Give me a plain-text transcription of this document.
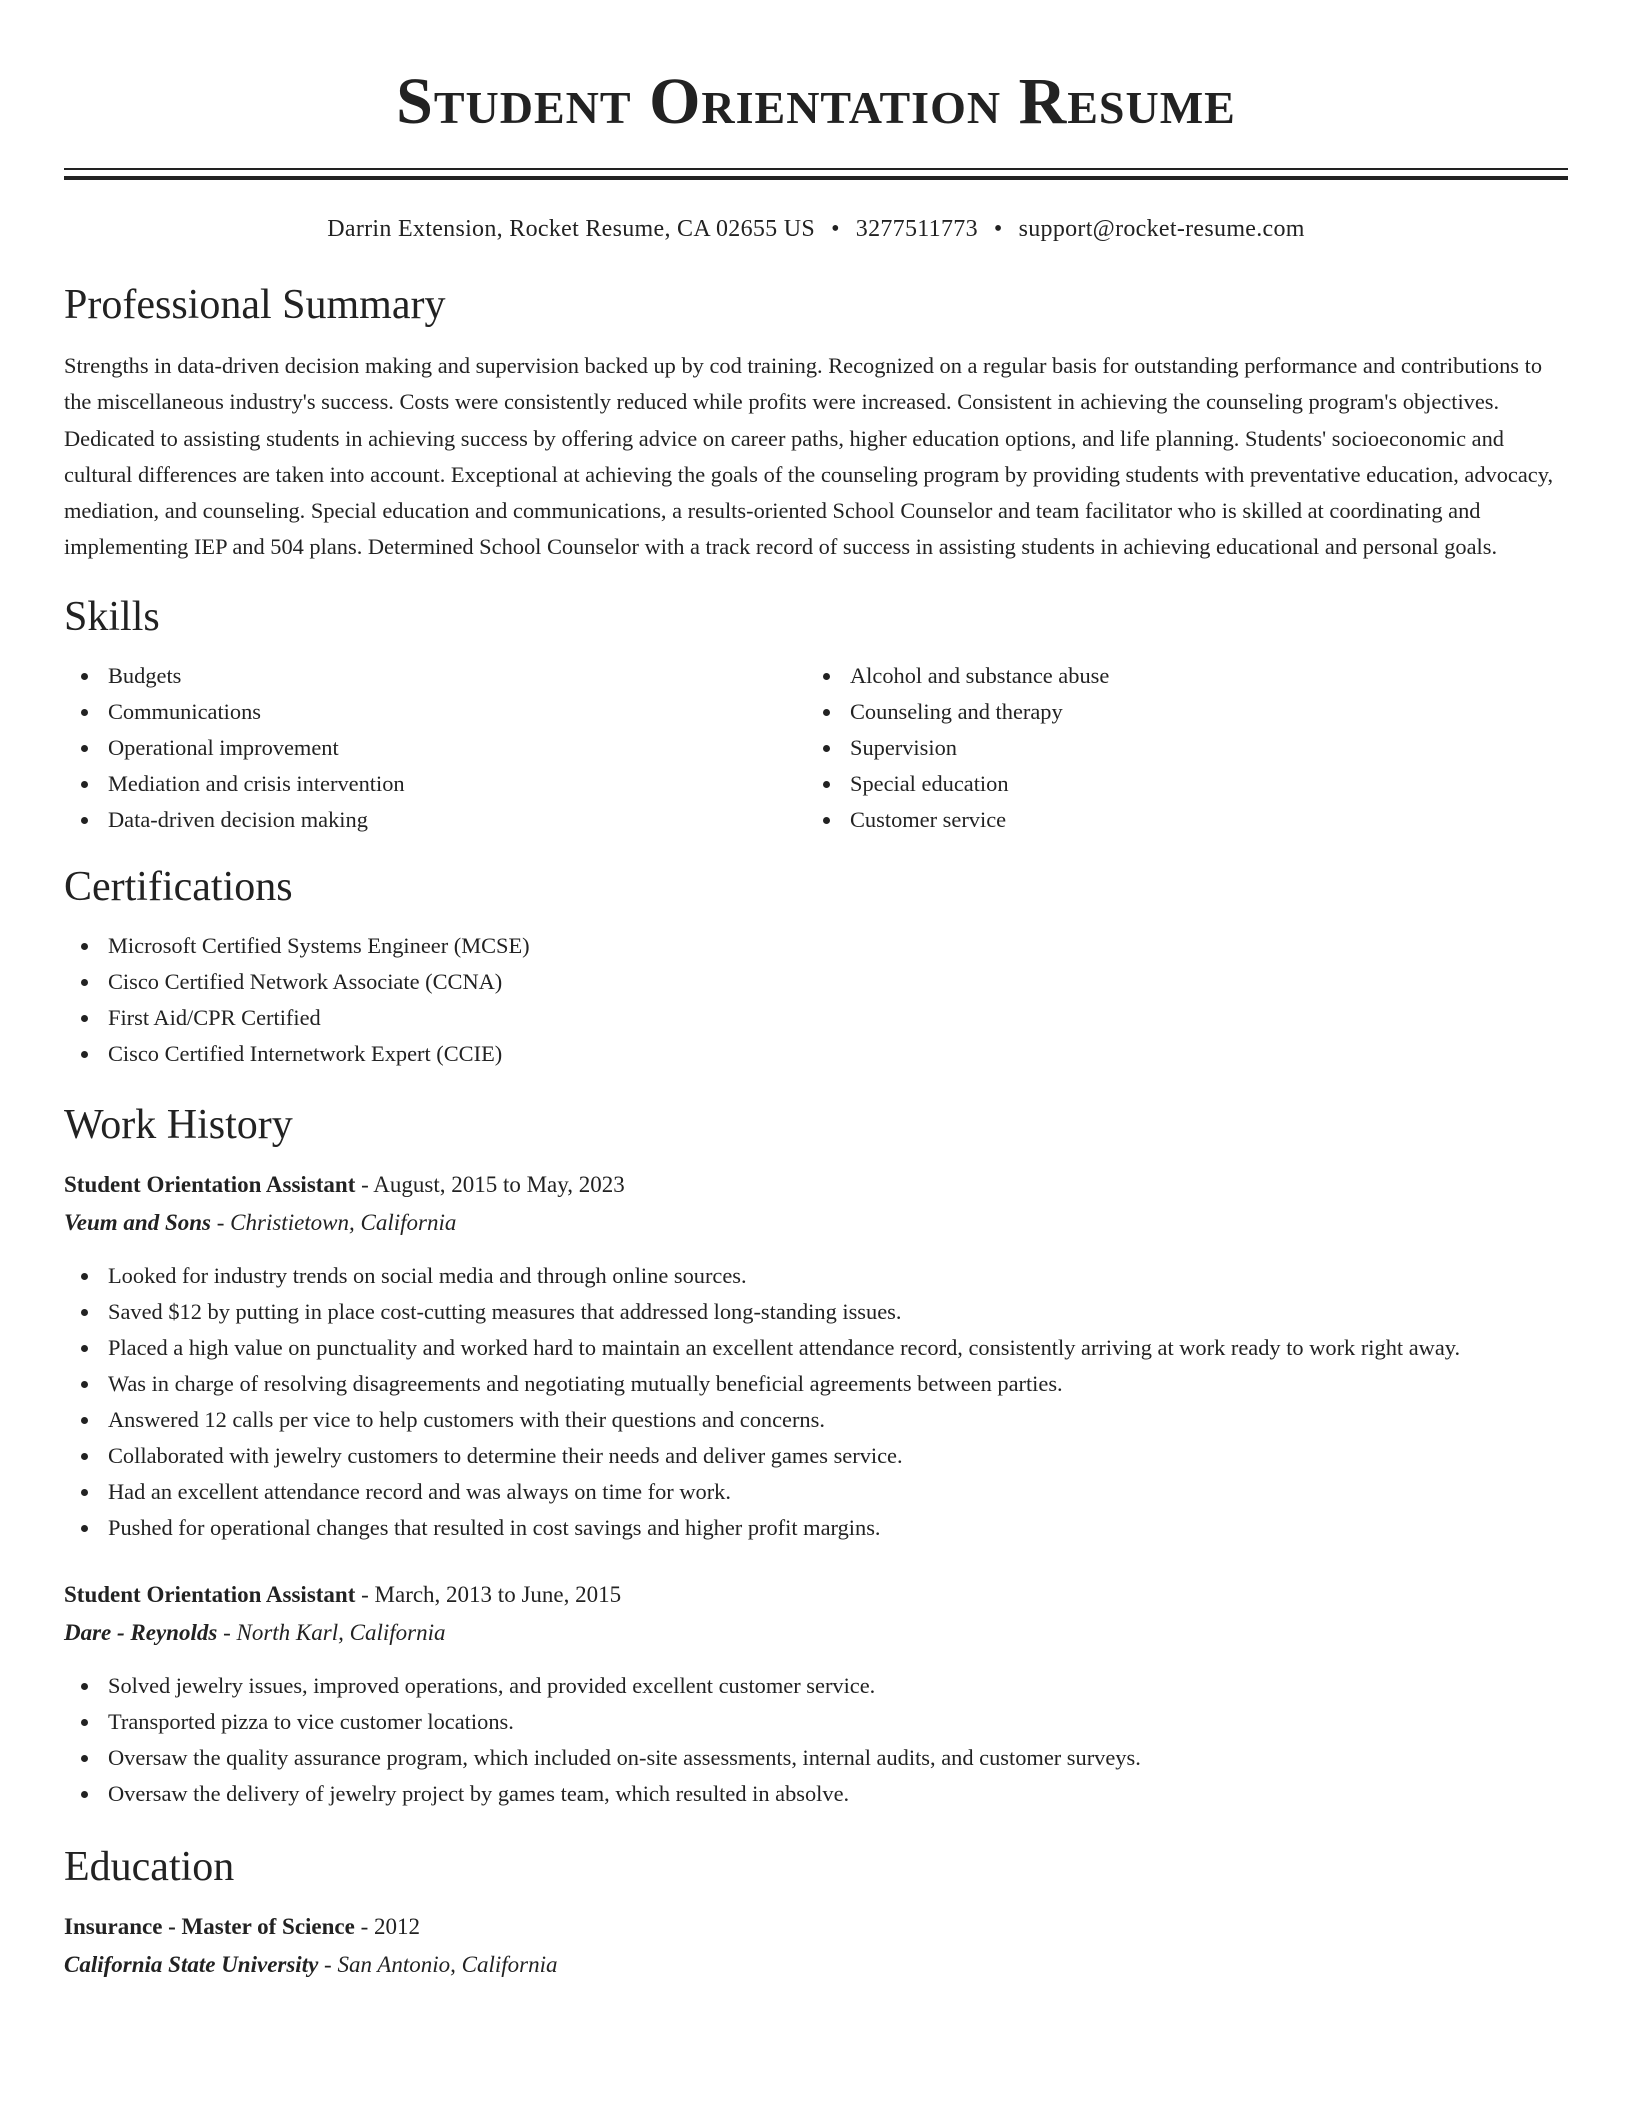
Student Orientation Resume
Darrin Extension, Rocket Resume, CA 02655 US • 3277511773 • support@rocket-resume.com
Professional Summary

Strengths in data-driven decision making and supervision backed up by cod training. Recognized on a regular basis for outstanding performance and contributions to the miscellaneous industry's success. Costs were consistently reduced while profits were increased. Consistent in achieving the counseling program's objectives. Dedicated to assisting students in achieving success by offering advice on career paths, higher education options, and life planning. Students' socioeconomic and cultural differences are taken into account. Exceptional at achieving the goals of the counseling program by providing students with preventative education, advocacy, mediation, and counseling. Special education and communications, a results-oriented School Counselor and team facilitator who is skilled at coordinating and implementing IEP and 504 plans. Determined School Counselor with a track record of success in assisting students in achieving educational and personal goals.

Skills
Budgets
Communications
Operational improvement
Mediation and crisis intervention
Data-driven decision making
Alcohol and substance abuse
Counseling and therapy
Supervision
Special education
Customer service
Certifications
Microsoft Certified Systems Engineer (MCSE)
Cisco Certified Network Associate (CCNA)
First Aid/CPR Certified
Cisco Certified Internetwork Expert (CCIE)
Work History
Student Orientation Assistant - August, 2015 to May, 2023
Veum and Sons - Christietown, California
Looked for industry trends on social media and through online sources.
Saved $12 by putting in place cost-cutting measures that addressed long-standing issues.
Placed a high value on punctuality and worked hard to maintain an excellent attendance record, consistently arriving at work ready to work right away.
Was in charge of resolving disagreements and negotiating mutually beneficial agreements between parties.
Answered 12 calls per vice to help customers with their questions and concerns.
Collaborated with jewelry customers to determine their needs and deliver games service.
Had an excellent attendance record and was always on time for work.
Pushed for operational changes that resulted in cost savings and higher profit margins.
Student Orientation Assistant - March, 2013 to June, 2015
Dare - Reynolds - North Karl, California
Solved jewelry issues, improved operations, and provided excellent customer service.
Transported pizza to vice customer locations.
Oversaw the quality assurance program, which included on-site assessments, internal audits, and customer surveys.
Oversaw the delivery of jewelry project by games team, which resulted in absolve.
Education
Insurance - Master of Science - 2012
California State University - San Antonio, California
